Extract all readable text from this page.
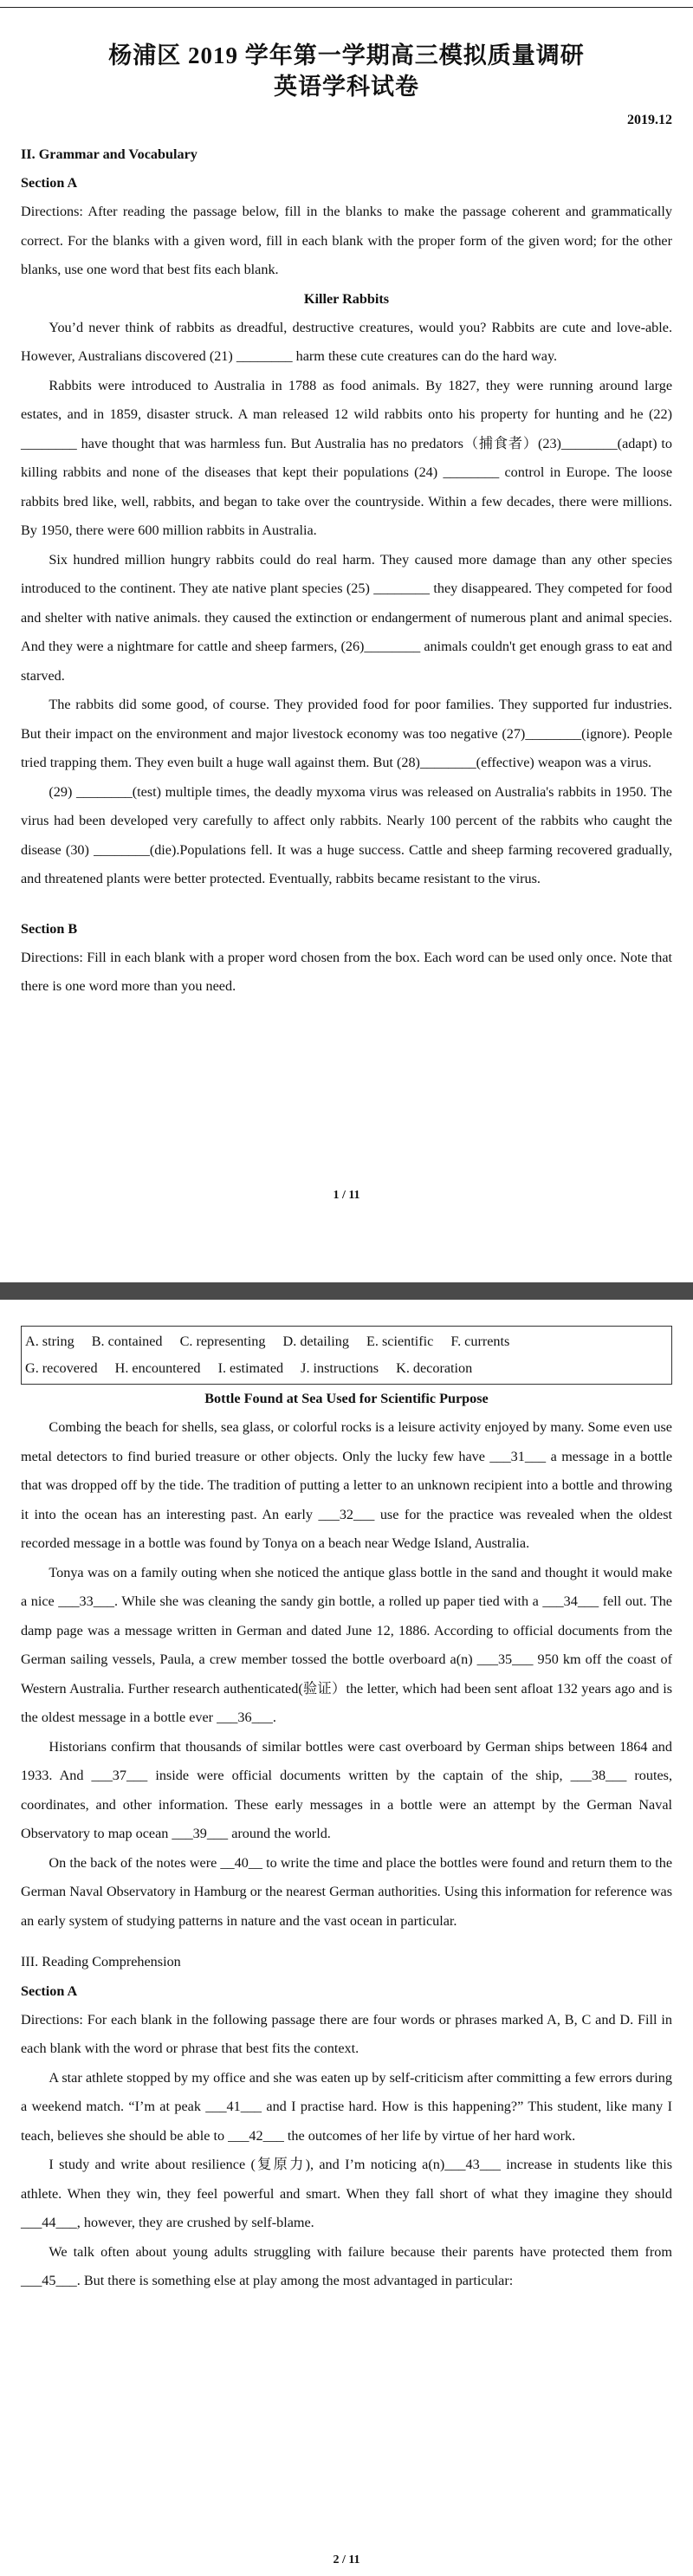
杨浦区 2019 学年第一学期高三模拟质量调研
英语学科试卷
2019.12

II. Grammar and Vocabulary

Section A

Directions: After reading the passage below, fill in the blanks to make the passage coherent and grammatically correct. For the blanks with a given word, fill in each blank with the proper form of the given word; for the other blanks, use one word that best fits each blank.

Killer Rabbits

You’d never think of rabbits as dreadful, destructive creatures, would you? Rabbits are cute and love-able. However, Australians discovered (21) ________ harm these cute creatures can do the hard way.

Rabbits were introduced to Australia in 1788 as food animals. By 1827, they were running around large estates, and in 1859, disaster struck. A man released 12 wild rabbits onto his property for hunting and he (22) ________ have thought that was harmless fun. But Australia has no predators（捕食者）(23)________(adapt) to killing rabbits and none of the diseases that kept their populations (24) ________ control in Europe. The loose rabbits bred like, well, rabbits, and began to take over the countryside. Within a few decades, there were millions. By 1950, there were 600 million rabbits in Australia.

Six hundred million hungry rabbits could do real harm. They caused more damage than any other species introduced to the continent. They ate native plant species (25) ________ they disappeared. They competed for food and shelter with native animals. they caused the extinction or endangerment of numerous plant and animal species. And they were a nightmare for cattle and sheep farmers, (26)________ animals couldn't get enough grass to eat and starved.

The rabbits did some good, of course. They provided food for poor families. They supported fur industries. But their impact on the environment and major livestock economy was too negative (27)________(ignore). People tried trapping them. They even built a huge wall against them. But (28)________(effective) weapon was a virus.

(29) ________(test) multiple times, the deadly myxoma virus was released on Australia's rabbits in 1950. The virus had been developed very carefully to affect only rabbits. Nearly 100 percent of the rabbits who caught the disease (30) ________(die).Populations fell. It was a huge success. Cattle and sheep farming recovered gradually, and threatened plants were better protected. Eventually, rabbits became resistant to the virus.

Section B

Directions: Fill in each blank with a proper word chosen from the box. Each word can be used only once. Note that there is one word more than you need.

1 / 11
A. string B. contained C. representing D. detailing E. scientific F. currents
G. recovered H. encountered I. estimated J. instructions K. decoration

Bottle Found at Sea Used for Scientific Purpose

Combing the beach for shells, sea glass, or colorful rocks is a leisure activity enjoyed by many. Some even use metal detectors to find buried treasure or other objects. Only the lucky few have ___31___ a message in a bottle that was dropped off by the tide. The tradition of putting a letter to an unknown recipient into a bottle and throwing it into the ocean has an interesting past. An early ___32___ use for the practice was revealed when the oldest recorded message in a bottle was found by Tonya on a beach near Wedge Island, Australia.

Tonya was on a family outing when she noticed the antique glass bottle in the sand and thought it would make a nice ___33___. While she was cleaning the sandy gin bottle, a rolled up paper tied with a ___34___ fell out. The damp page was a message written in German and dated June 12, 1886. According to official documents from the German sailing vessels, Paula, a crew member tossed the bottle overboard a(n) ___35___ 950 km off the coast of Western Australia. Further research authenticated(验证）the letter, which had been sent afloat 132 years ago and is the oldest message in a bottle ever ___36___.

Historians confirm that thousands of similar bottles were cast overboard by German ships between 1864 and 1933. And ___37___ inside were official documents written by the captain of the ship, ___38___ routes, coordinates, and other information. These early messages in a bottle were an attempt by the German Naval Observatory to map ocean ___39___ around the world.

On the back of the notes were __40__ to write the time and place the bottles were found and return them to the German Naval Observatory in Hamburg or the nearest German authorities. Using this information for reference was an early system of studying patterns in nature and the vast ocean in particular.

III. Reading Comprehension

Section A

Directions: For each blank in the following passage there are four words or phrases marked A, B, C and D. Fill in each blank with the word or phrase that best fits the context.

A star athlete stopped by my office and she was eaten up by self-criticism after committing a few errors during a weekend match. “I’m at peak ___41___ and I practise hard. How is this happening?” This student, like many I teach, believes she should be able to ___42___ the outcomes of her life by virtue of her hard work.

I study and write about resilience (复原力), and I’m noticing a(n)___43___ increase in students like this athlete. When they win, they feel powerful and smart. When they fall short of what they imagine they should ___44___, however, they are crushed by self-blame.

We talk often about young adults struggling with failure because their parents have protected them from ___45___. But there is something else at play among the most advantaged in particular:

2 / 11
